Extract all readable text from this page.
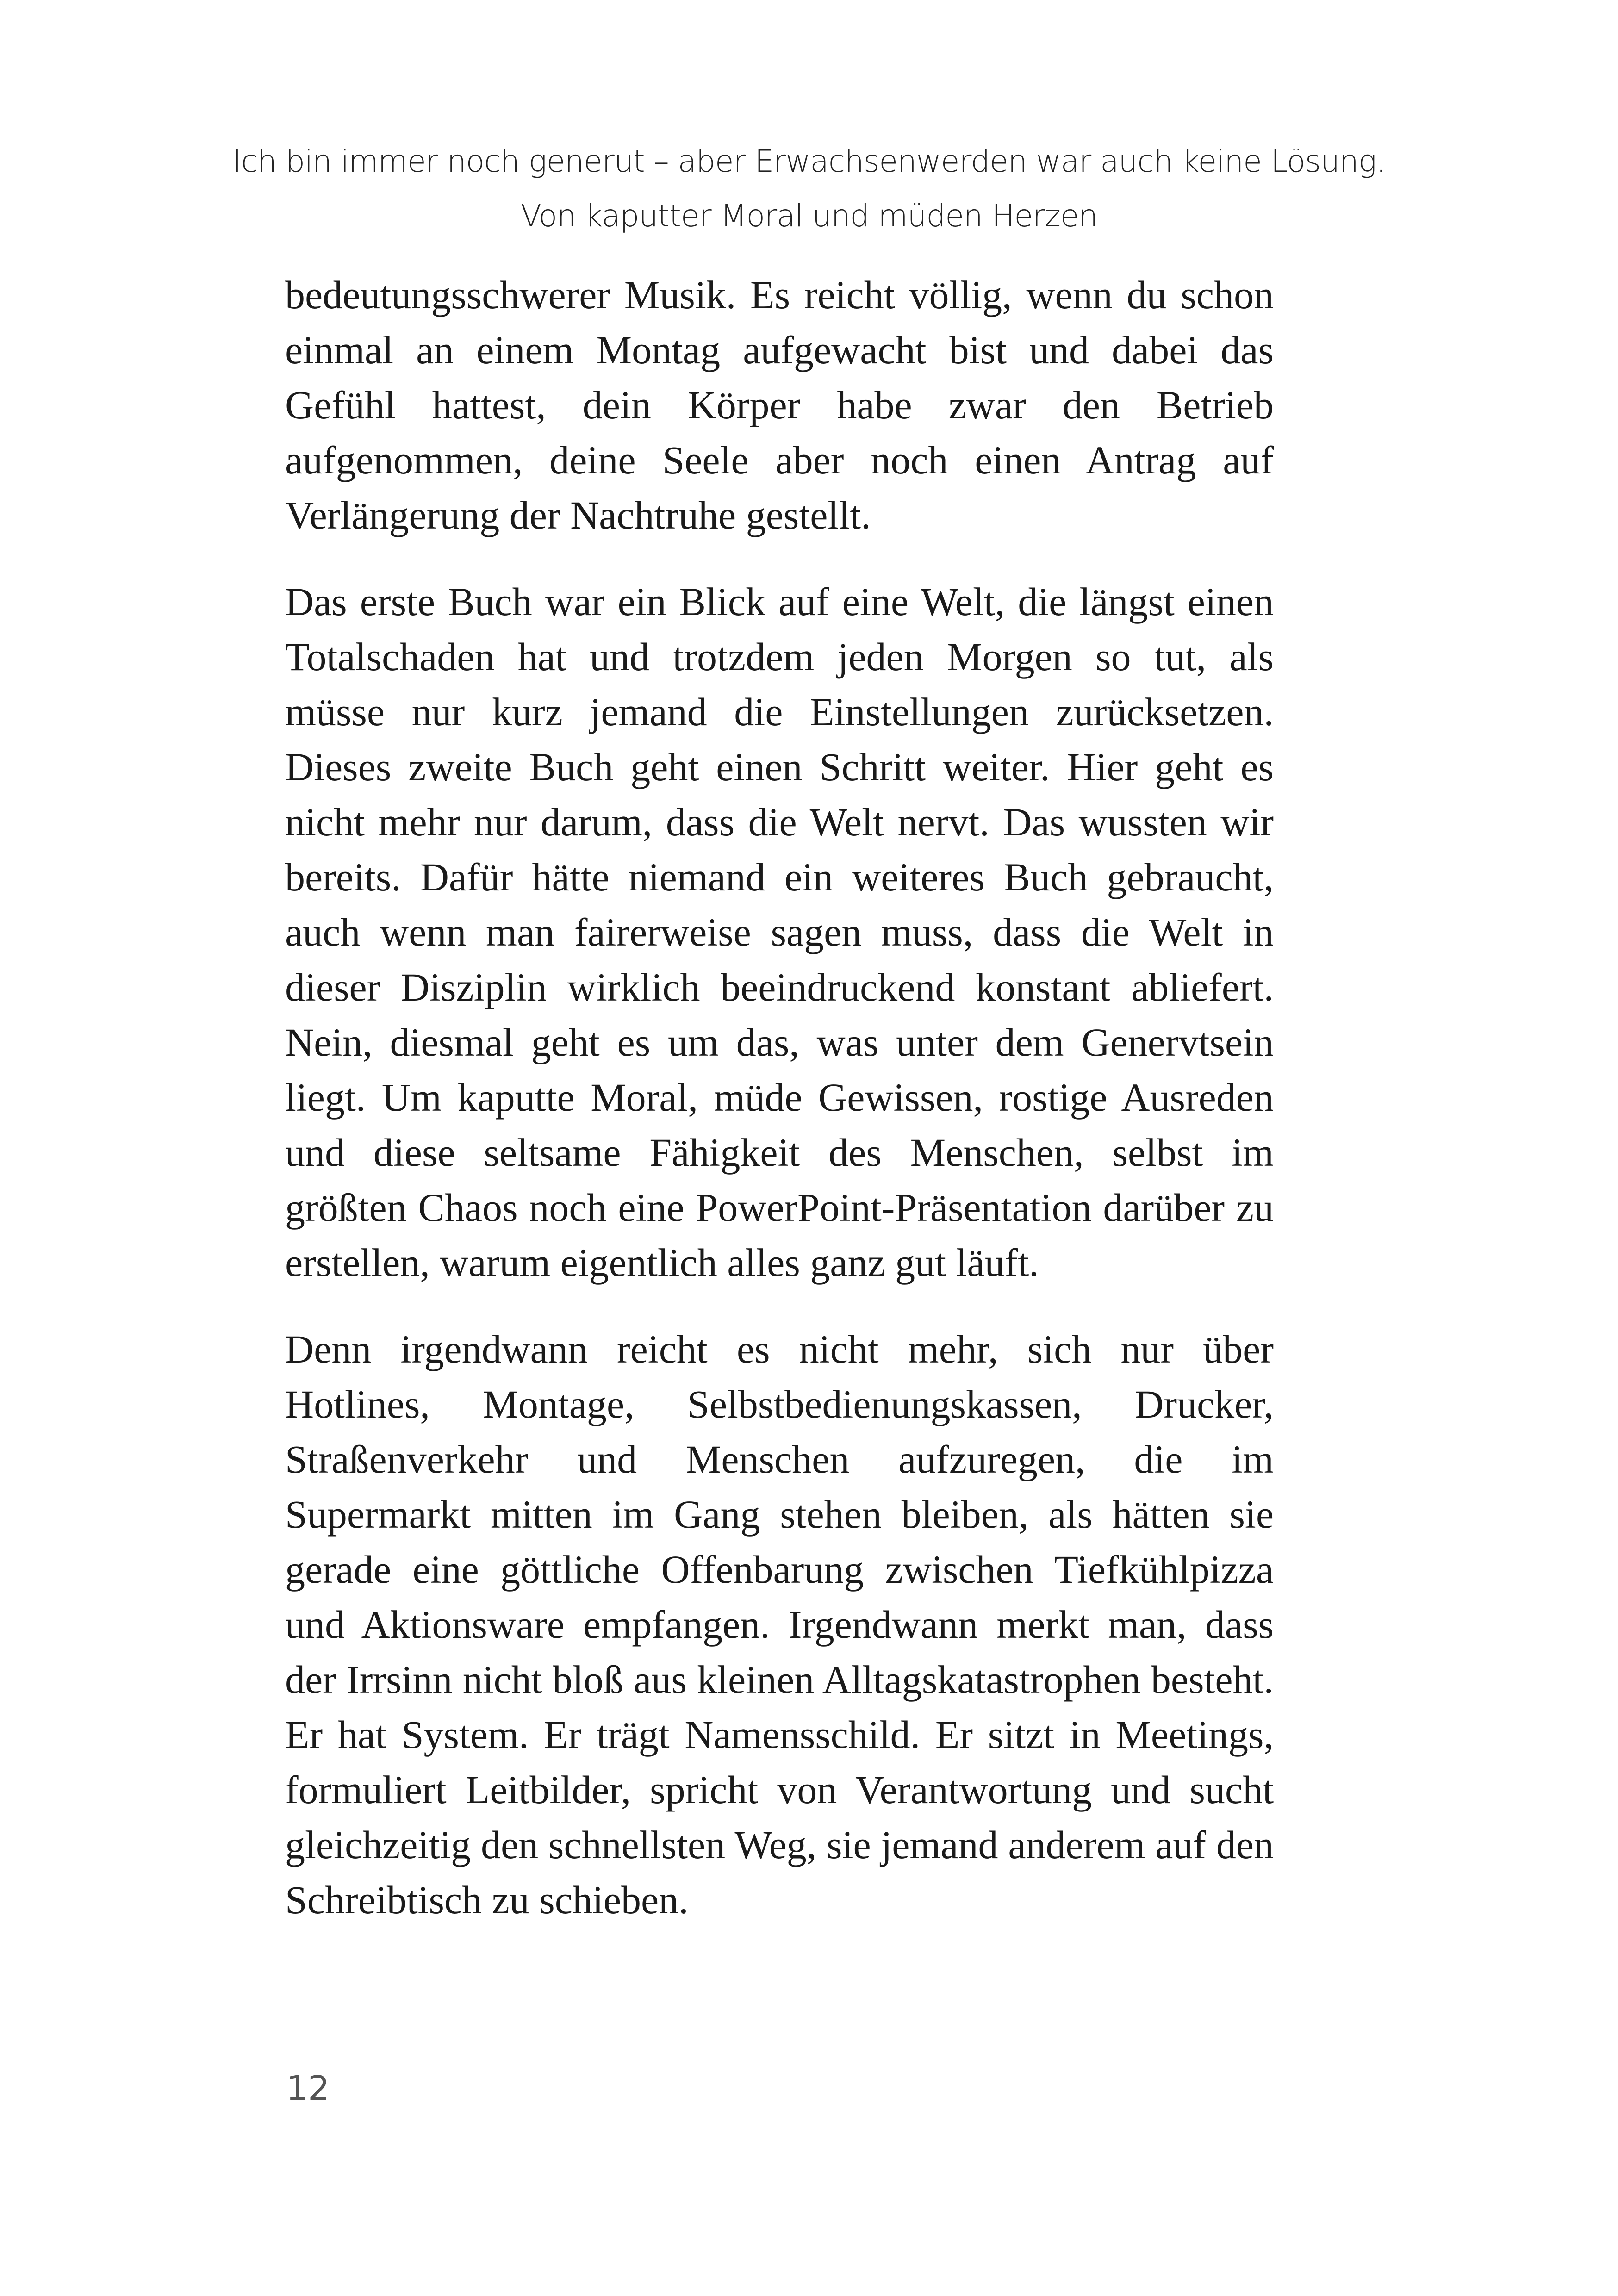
Ich bin immer noch generut – aber Erwachsenwerden war auch keine Lösung.
Von kaputter Moral und müden Herzen

bedeutungsschwerer Musik. Es reicht völlig, wenn du schon einmal an einem Montag aufgewacht bist und dabei das Gefühl hattest, dein Körper habe zwar den Betrieb aufgenommen, deine Seele aber noch einen Antrag auf Verlängerung der Nachtruhe gestellt.

Das erste Buch war ein Blick auf eine Welt, die längst einen Totalschaden hat und trotzdem jeden Morgen so tut, als müsse nur kurz jemand die Einstellungen zurücksetzen. Dieses zweite Buch geht einen Schritt weiter. Hier geht es nicht mehr nur darum, dass die Welt nervt. Das wussten wir bereits. Dafür hätte niemand ein weiteres Buch gebraucht, auch wenn man fairerweise sagen muss, dass die Welt in dieser Disziplin wirklich beeindruckend konstant abliefert. Nein, diesmal geht es um das, was unter dem Genervtsein liegt. Um kaputte Moral, müde Gewissen, rostige Ausreden und diese seltsame Fähigkeit des Menschen, selbst im größten Chaos noch eine PowerPoint-Präsentation darüber zu erstellen, warum eigentlich alles ganz gut läuft.

Denn irgendwann reicht es nicht mehr, sich nur über Hotlines, Montage, Selbstbedienungskassen, Drucker, Straßenverkehr und Menschen aufzuregen, die im Supermarkt mitten im Gang stehen bleiben, als hätten sie gerade eine göttliche Offenbarung zwischen Tiefkühlpizza und Aktionsware empfangen. Irgendwann merkt man, dass der Irrsinn nicht bloß aus kleinen Alltagskatastrophen besteht. Er hat System. Er trägt Namensschild. Er sitzt in Meetings, formuliert Leitbilder, spricht von Verantwortung und sucht gleichzeitig den schnellsten Weg, sie jemand anderem auf den Schreibtisch zu schieben.

12
